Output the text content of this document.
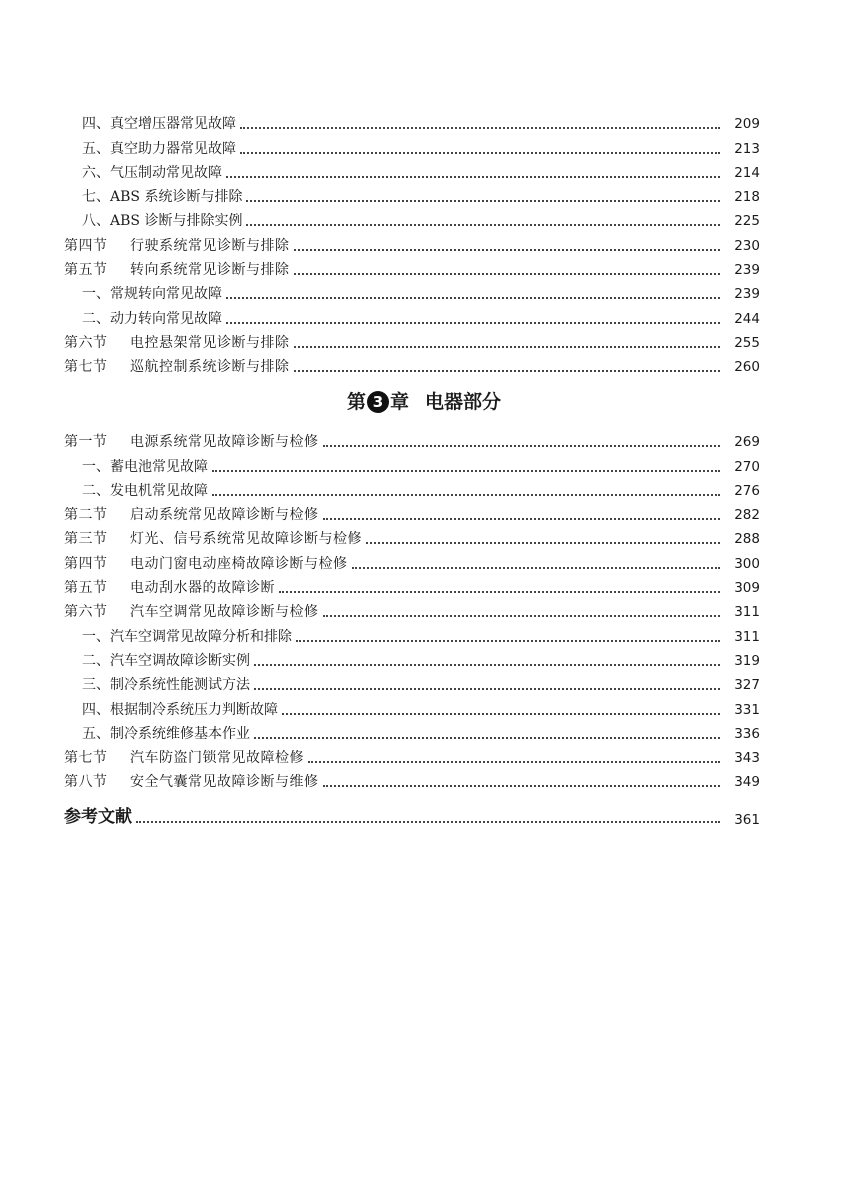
四、真空增压器常见故障	209
五、真空助力器常见故障	213
六、气压制动常见故障	214
七、ABS 系统诊断与排除	218
八、ABS 诊断与排除实例	225
第四节 行驶系统常见诊断与排除	230
第五节 转向系统常见诊断与排除	239
一、常规转向常见故障	239
二、动力转向常见故障	244
第六节 电控悬架常见诊断与排除	255
第七节 巡航控制系统诊断与排除	260
第 3 章 电器部分
第一节 电源系统常见故障诊断与检修	269
一、蓄电池常见故障	270
二、发电机常见故障	276
第二节 启动系统常见故障诊断与检修	282
第三节 灯光、信号系统常见故障诊断与检修	288
第四节 电动门窗电动座椅故障诊断与检修	300
第五节 电动刮水器的故障诊断	309
第六节 汽车空调常见故障诊断与检修	311
一、汽车空调常见故障分析和排除	311
二、汽车空调故障诊断实例	319
三、制冷系统性能测试方法	327
四、根据制冷系统压力判断故障	331
五、制冷系统维修基本作业	336
第七节 汽车防盗门锁常见故障检修	343
第八节 安全气囊常见故障诊断与维修	349
参考文献	361
